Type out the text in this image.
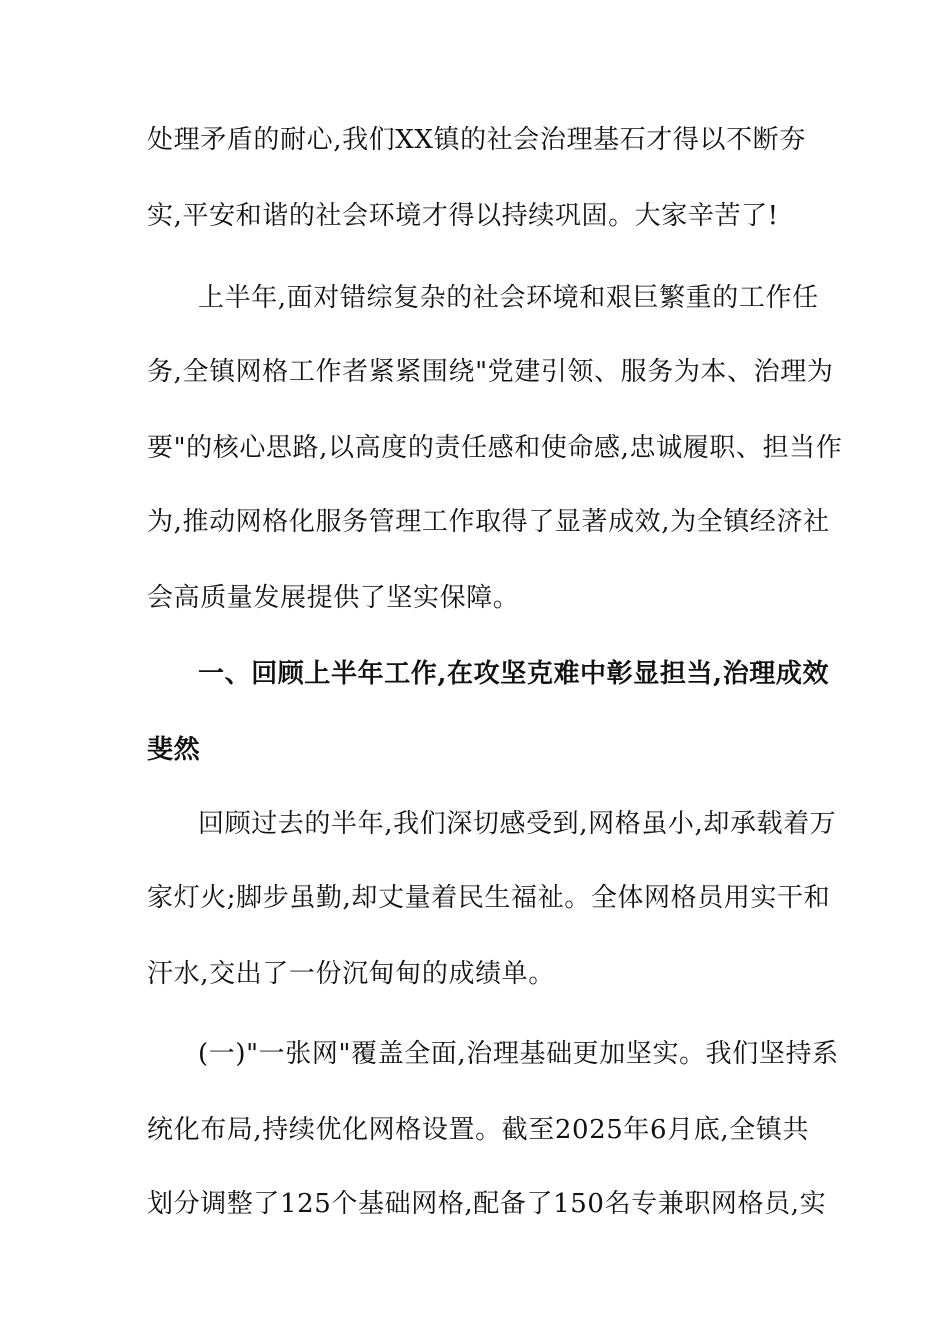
处理矛盾的耐心,我们XX镇的社会治理基石才得以不断夯
实,平安和谐的社会环境才得以持续巩固。大家辛苦了!
上半年,面对错综复杂的社会环境和艰巨繁重的工作任
务,全镇网格工作者紧紧围绕"党建引领、服务为本、治理为
要"的核心思路,以高度的责任感和使命感,忠诚履职、担当作
为,推动网格化服务管理工作取得了显著成效,为全镇经济社
会高质量发展提供了坚实保障。
一、回顾上半年工作,在攻坚克难中彰显担当,治理成效
斐然
回顾过去的半年,我们深切感受到,网格虽小,却承载着万
家灯火;脚步虽勤,却丈量着民生福祉。全体网格员用实干和
汗水,交出了一份沉甸甸的成绩单。
(一)"一张网"覆盖全面,治理基础更加坚实。我们坚持系
统化布局,持续优化网格设置。截至2025年6月底,全镇共
划分调整了125个基础网格,配备了150名专兼职网格员,实
